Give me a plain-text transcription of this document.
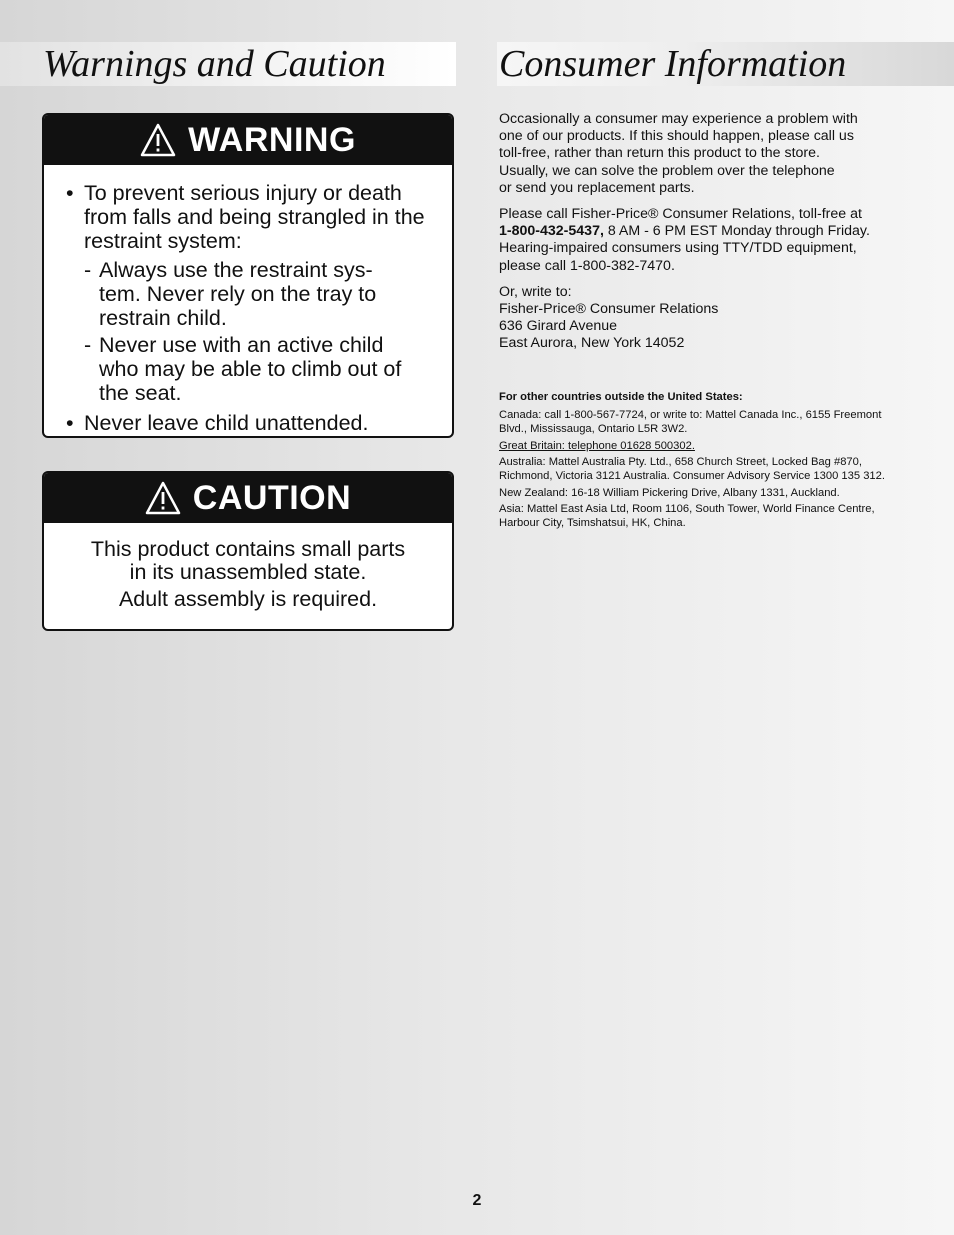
Warnings and Caution	Consumer Information
WARNING
• To prevent serious injury or death
from falls and being strangled in the
restraint system:
- Always use the restraint sys-
tem. Never rely on the tray to
restrain child.
- Never use with an active child
who may be able to climb out of
the seat.
• Never leave child unattended.
CAUTION

This product contains small parts

in its unassembled state.

Adult assembly is required.

Occasionally a consumer may experience a problem with
one of our products. If this should happen, please call us
toll-free, rather than return this product to the store.
Usually, we can solve the problem over the telephone
or send you replacement parts.

Please call Fisher-Price® Consumer Relations, toll-free at
1-800-432-5437, 8 AM - 6 PM EST Monday through Friday.
Hearing-impaired consumers using TTY/TDD equipment,
please call 1-800-382-7470.

Or, write to:
Fisher-Price® Consumer Relations
636 Girard Avenue
East Aurora, New York 14052

For other countries outside the United States:

Canada: call 1-800-567-7724, or write to: Mattel Canada Inc., 6155 Freemont
Blvd., Mississauga, Ontario L5R 3W2.

Great Britain: telephone 01628 500302.

Australia: Mattel Australia Pty. Ltd., 658 Church Street, Locked Bag #870,
Richmond, Victoria 3121 Australia. Consumer Advisory Service 1300 135 312.

New Zealand: 16-18 William Pickering Drive, Albany 1331, Auckland.

Asia: Mattel East Asia Ltd, Room 1106, South Tower, World Finance Centre,
Harbour City, Tsimshatsui, HK, China.

2
